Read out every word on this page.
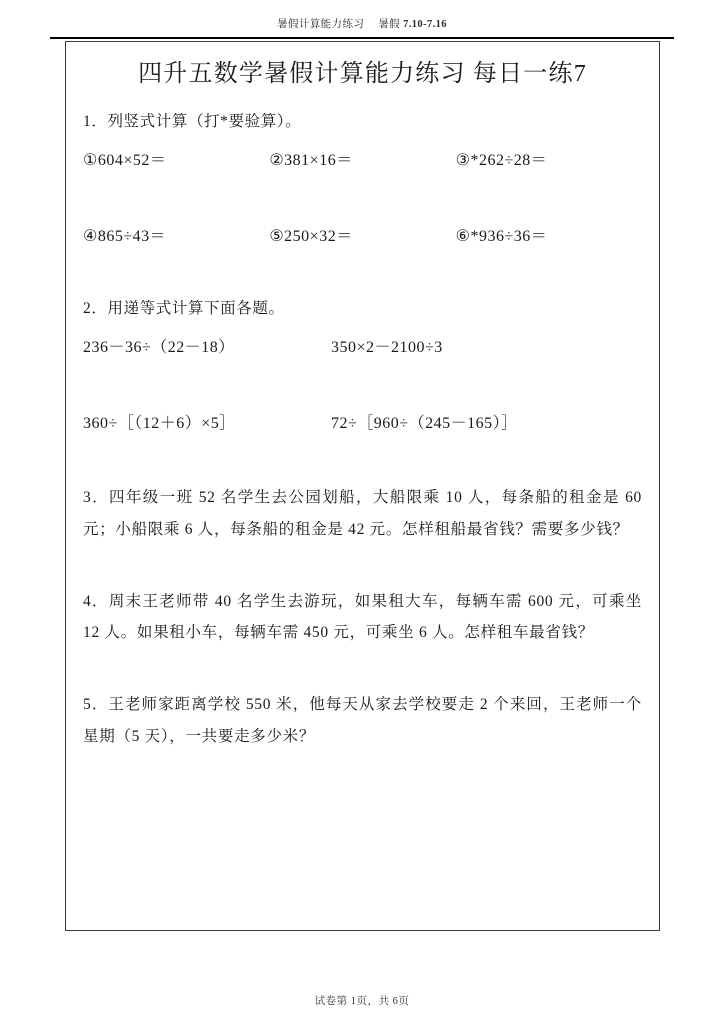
暑假计算能力练习 暑假 7.10-7.16
四升五数学暑假计算能力练习 每日一练7
1．列竖式计算（打*要验算）。
①604×52＝	②381×16＝	③*262÷28＝
④865÷43＝	⑤250×32＝	⑥*936÷36＝
2．用递等式计算下面各题。
236－36÷（22－18）	350×2－2100÷3
360÷［（12＋6）×5］	72÷［960÷（245－165）］
3．四年级一班 52 名学生去公园划船，大船限乘 10 人，每条船的租金是 60 元；小船限乘 6 人，每条船的租金是 42 元。怎样租船最省钱？需要多少钱？
4．周末王老师带 40 名学生去游玩，如果租大车，每辆车需 600 元，可乘坐 12 人。如果租小车，每辆车需 450 元，可乘坐 6 人。怎样租车最省钱？
5．王老师家距离学校 550 米，他每天从家去学校要走 2 个来回，王老师一个星期（5 天），一共要走多少米？
试卷第 1页，共 6页
